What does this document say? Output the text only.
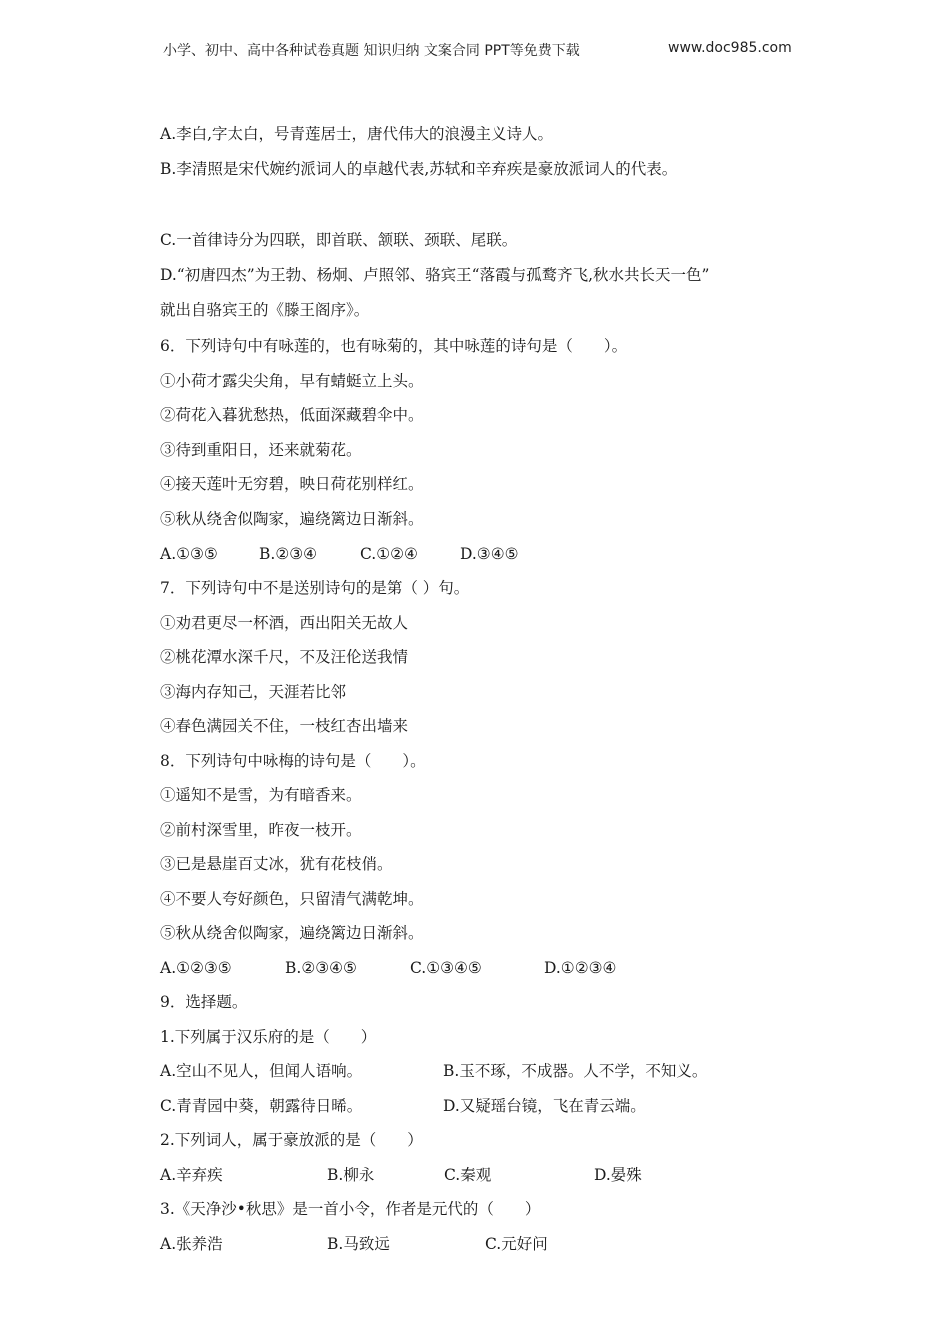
小学、初中、高中各种试卷真题 知识归纳 文案合同 PPT等免费下载	www.doc985.com
A.李白,字太白，号青莲居士，唐代伟大的浪漫主义诗人。
B.李清照是宋代婉约派词人的卓越代表,苏轼和辛弃疾是豪放派词人的代表。
C.一首律诗分为四联，即首联、颔联、颈联、尾联。
D.“初唐四杰”为王勃、杨炯、卢照邻、骆宾王“落霞与孤鹜齐飞,秋水共长天一色”
就出自骆宾王的《滕王阁序》。
6．下列诗句中有咏莲的，也有咏菊的，其中咏莲的诗句是（　　）。
①小荷才露尖尖角，早有蜻蜓立上头。
②荷花入暮犹愁热，低面深藏碧伞中。
③待到重阳日，还来就菊花。
④接天莲叶无穷碧，映日荷花别样红。
⑤秋从绕舍似陶家，遍绕篱边日渐斜。
A.①③⑤	B.②③④	C.①②④	D.③④⑤
7．下列诗句中不是送别诗句的是第（ ）句。
①劝君更尽一杯酒，西出阳关无故人
②桃花潭水深千尺，不及汪伦送我情
③海内存知己，天涯若比邻
④春色满园关不住，一枝红杏出墙来
8．下列诗句中咏梅的诗句是（　　）。
①遥知不是雪，为有暗香来。
②前村深雪里，昨夜一枝开。
③已是悬崖百丈冰，犹有花枝俏。
④不要人夸好颜色，只留清气满乾坤。
⑤秋从绕舍似陶家，遍绕篱边日渐斜。
A.①②③⑤	B.②③④⑤	C.①③④⑤	D.①②③④
9．选择题。
1.下列属于汉乐府的是（　　）
A.空山不见人，但闻人语响。	B.玉不琢，不成器。人不学，不知义。
C.青青园中葵，朝露待日晞。	D.又疑瑶台镜，飞在青云端。
2.下列词人，属于豪放派的是（　　）
A.辛弃疾	B.柳永	C.秦观	D.晏殊
3.《天净沙•秋思》是一首小令，作者是元代的（　　）
A.张养浩	B.马致远	C.元好问
